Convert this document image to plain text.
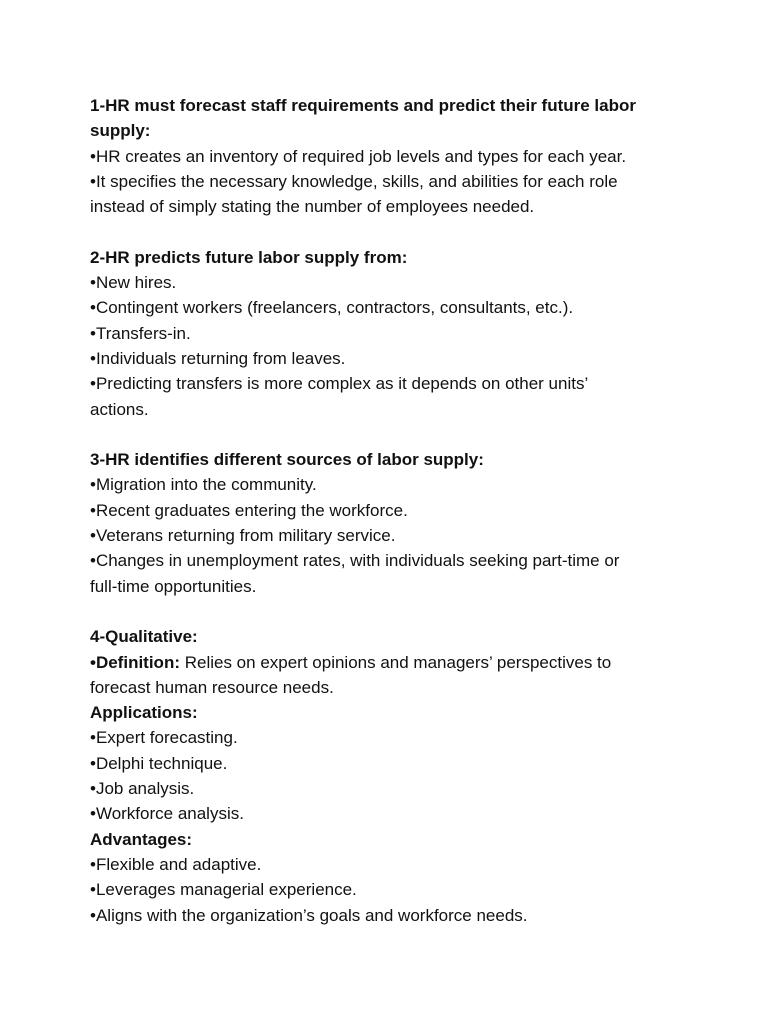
1-HR must forecast staff requirements and predict their future labor
supply:
•HR creates an inventory of required job levels and types for each year.
•It specifies the necessary knowledge, skills, and abilities for each role
instead of simply stating the number of employees needed.
2-HR predicts future labor supply from:
•New hires.
•Contingent workers (freelancers, contractors, consultants, etc.).
•Transfers-in.
•Individuals returning from leaves.
•Predicting transfers is more complex as it depends on other units’
actions.
3-HR identifies different sources of labor supply:
•Migration into the community.
•Recent graduates entering the workforce.
•Veterans returning from military service.
•Changes in unemployment rates, with individuals seeking part-time or
full-time opportunities.
4-Qualitative:
•Definition: Relies on expert opinions and managers’ perspectives to
forecast human resource needs.
Applications:
•Expert forecasting.
•Delphi technique.
•Job analysis.
•Workforce analysis.
Advantages:
•Flexible and adaptive.
•Leverages managerial experience.
•Aligns with the organization’s goals and workforce needs.
